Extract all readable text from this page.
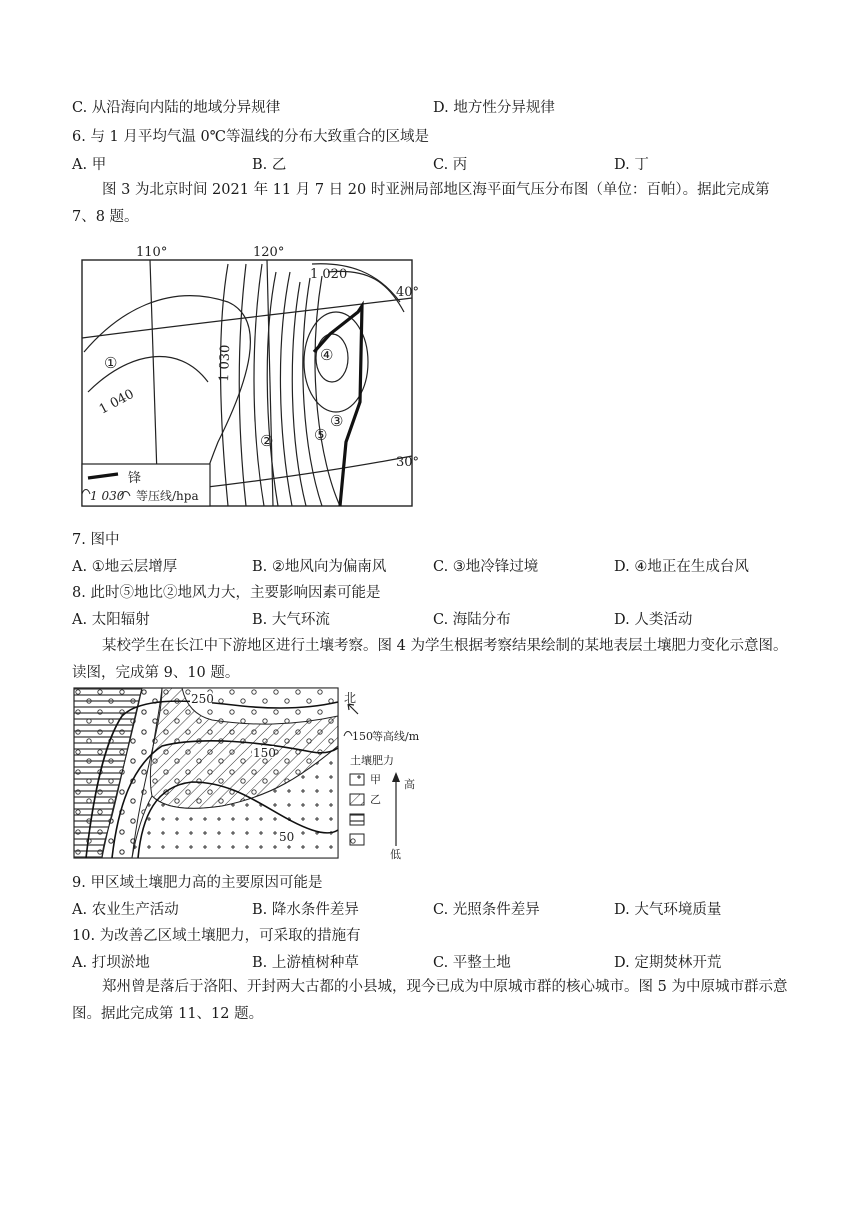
C. 从沿海向内陆的地域分异规律	D. 地方性分异规律
6. 与 1 月平均气温 0℃等温线的分布大致重合的区域是
A. 甲	B. 乙	C. 丙	D. 丁
图 3 为北京时间 2021 年 11 月 7 日 20 时亚洲局部地区海平面气压分布图（单位：百帕）。据此完成第 7、8 题。
110°	120°
40°
30°
1 020
1 030
1 040
①
②
③
④
⑤
锋
1 030 等压线/hpa
7. 图中
A. ①地云层增厚	B. ②地风向为偏南风	C. ③地冷锋过境	D. ④地正在生成台风
8. 此时⑤地比②地风力大，主要影响因素可能是
A. 太阳辐射	B. 大气环流	C. 海陆分布	D. 人类活动
某校学生在长江中下游地区进行土壤考察。图 4 为学生根据考察结果绘制的某地表层土壤肥力变化示意图。读图，完成第 9、10 题。
250
150
50
北
150 等高线/m
土壤肥力
甲
乙
高
低
9. 甲区域土壤肥力高的主要原因可能是
A. 农业生产活动	B. 降水条件差异	C. 光照条件差异	D. 大气环境质量
10. 为改善乙区域土壤肥力，可采取的措施有
A. 打坝淤地	B. 上游植树种草	C. 平整土地	D. 定期焚林开荒
郑州曾是落后于洛阳、开封两大古都的小县城，现今已成为中原城市群的核心城市。图 5 为中原城市群示意图。据此完成第 11、12 题。
